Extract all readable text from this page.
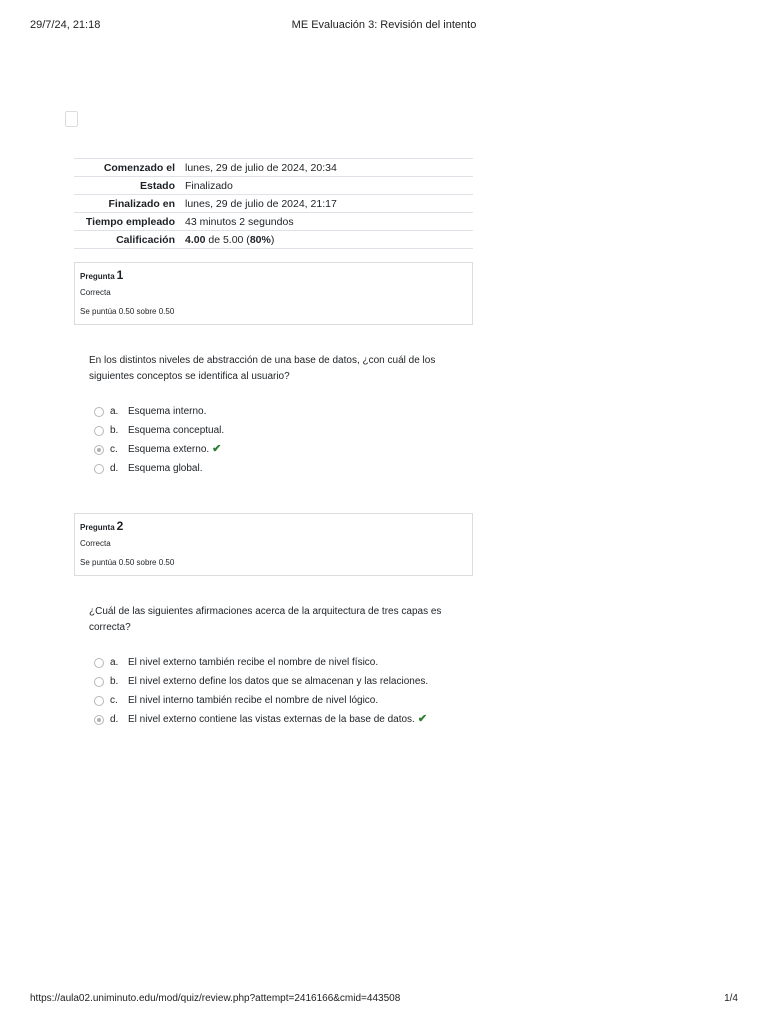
29/7/24, 21:18	ME Evaluación 3: Revisión del intento
Comenzado el	lunes, 29 de julio de 2024, 20:34
Estado	Finalizado
Finalizado en	lunes, 29 de julio de 2024, 21:17
Tiempo empleado	43 minutos 2 segundos
Calificación	4.00 de 5.00 (80%)
Pregunta 1
Correcta
Se puntúa 0.50 sobre 0.50
En los distintos niveles de abstracción de una base de datos, ¿con cuál de los siguientes conceptos se identifica al usuario?
a. Esquema interno.
b. Esquema conceptual.
c. Esquema externo. ✔
d. Esquema global.
Pregunta 2
Correcta
Se puntúa 0.50 sobre 0.50
¿Cuál de las siguientes afirmaciones acerca de la arquitectura de tres capas es correcta?
a. El nivel externo también recibe el nombre de nivel físico.
b. El nivel externo define los datos que se almacenan y las relaciones.
c. El nivel interno también recibe el nombre de nivel lógico.
d. El nivel externo contiene las vistas externas de la base de datos. ✔
https://aula02.uniminuto.edu/mod/quiz/review.php?attempt=2416166&cmid=443508	1/4
